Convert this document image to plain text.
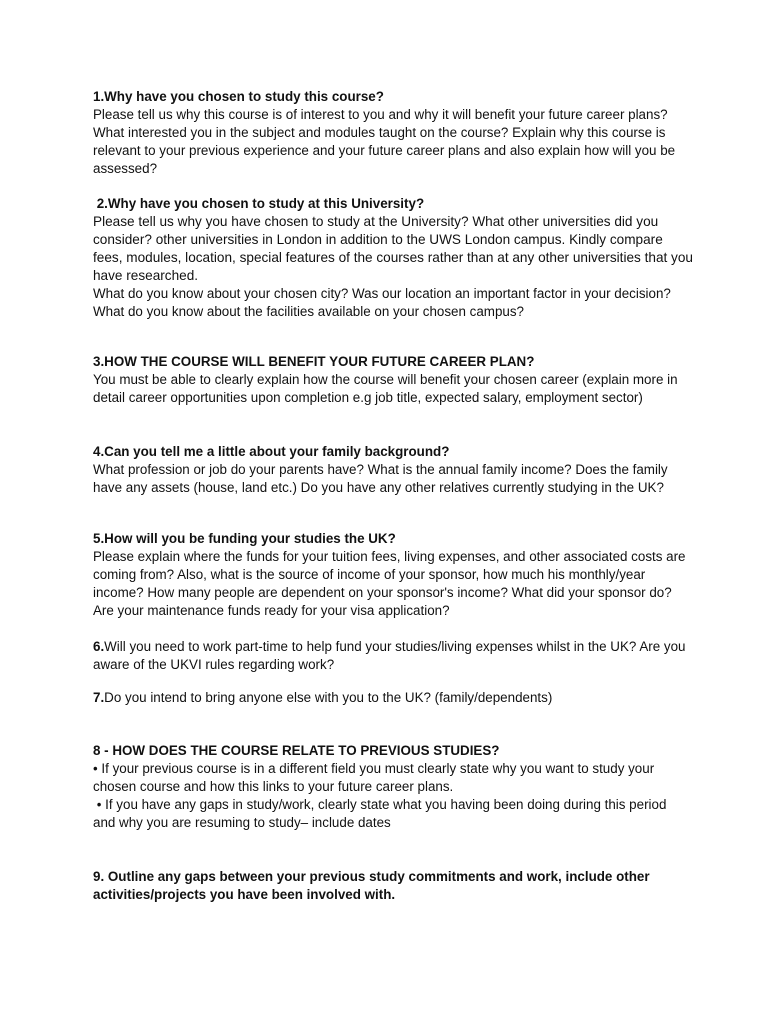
1.Why have you chosen to study this course?
Please tell us why this course is of interest to you and why it will benefit your future career plans? What interested you in the subject and modules taught on the course? Explain why this course is relevant to your previous experience and your future career plans and also explain how will you be assessed?
2.Why have you chosen to study at this University?
Please tell us why you have chosen to study at the University? What other universities did you consider? other universities in London in addition to the UWS London campus. Kindly compare fees, modules, location, special features of the courses rather than at any other universities that you have researched.
What do you know about your chosen city? Was our location an important factor in your decision? What do you know about the facilities available on your chosen campus?
3.HOW THE COURSE WILL BENEFIT YOUR FUTURE CAREER PLAN?
You must be able to clearly explain how the course will benefit your chosen career (explain more in detail career opportunities upon completion e.g job title, expected salary, employment sector)
4.Can you tell me a little about your family background?
What profession or job do your parents have? What is the annual family income? Does the family have any assets (house, land etc.) Do you have any other relatives currently studying in the UK?
5.How will you be funding your studies the UK?
Please explain where the funds for your tuition fees, living expenses, and other associated costs are coming from? Also, what is the source of income of your sponsor, how much his monthly/year income? How many people are dependent on your sponsor's income? What did your sponsor do? Are your maintenance funds ready for your visa application?
6.Will you need to work part-time to help fund your studies/living expenses whilst in the UK? Are you aware of the UKVI rules regarding work?
7.Do you intend to bring anyone else with you to the UK? (family/dependents)
8 - HOW DOES THE COURSE RELATE TO PREVIOUS STUDIES?
• If your previous course is in a different field you must clearly state why you want to study your chosen course and how this links to your future career plans.
• If you have any gaps in study/work, clearly state what you having been doing during this period  and why you are resuming to study– include dates
9. Outline any gaps between your previous study commitments and work, include other activities/projects you have been involved with.
